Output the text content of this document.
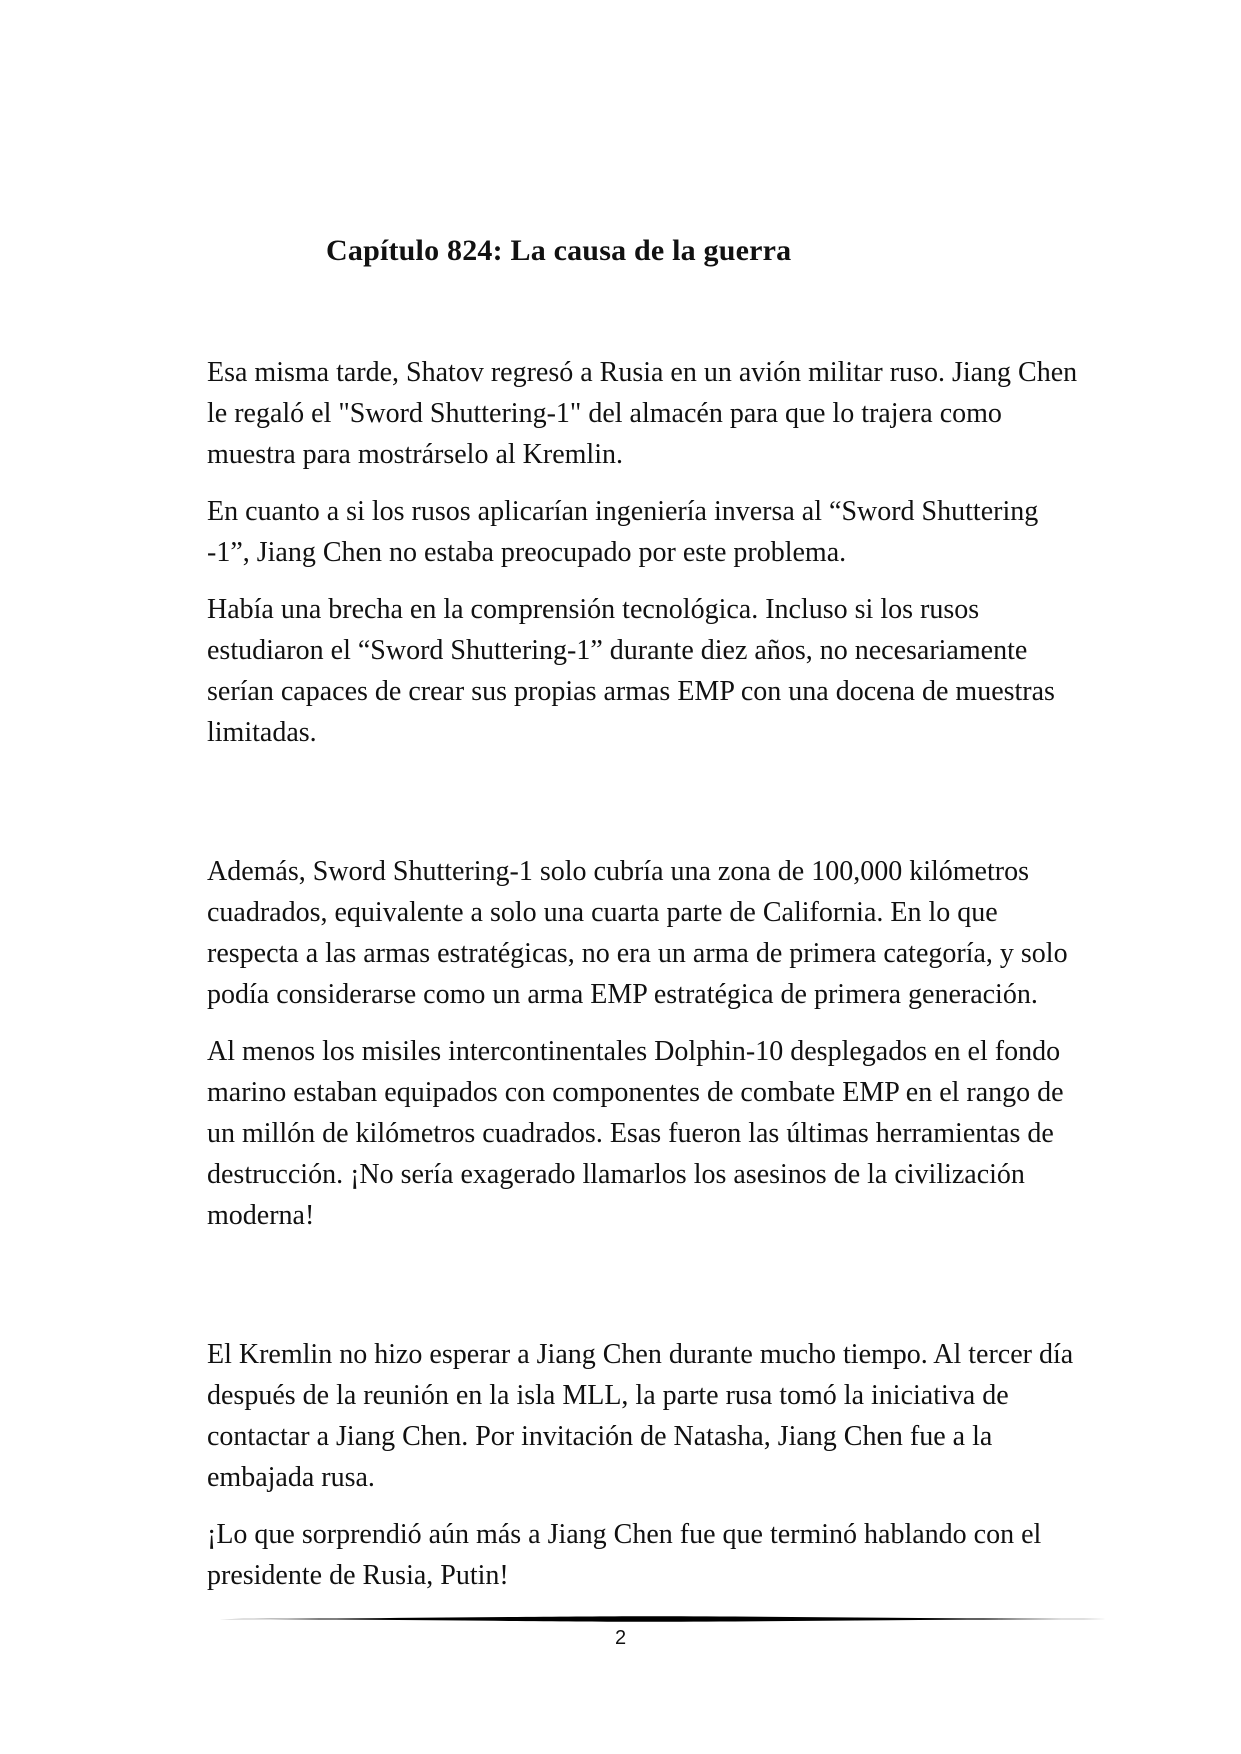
Capítulo 824: La causa de la guerra

Esa misma tarde, Shatov regresó a Rusia en un avión militar ruso. Jiang Chen le regaló el "Sword Shuttering-1" del almacén para que lo trajera como muestra para mostrárselo al Kremlin.

En cuanto a si los rusos aplicarían ingeniería inversa al “Sword Shuttering -1”, Jiang Chen no estaba preocupado por este problema.

Había una brecha en la comprensión tecnológica. Incluso si los rusos estudiaron el “Sword Shuttering-1” durante diez años, no necesariamente serían capaces de crear sus propias armas EMP con una docena de muestras limitadas.

Además, Sword Shuttering-1 solo cubría una zona de 100,000 kilómetros cuadrados, equivalente a solo una cuarta parte de California. En lo que respecta a las armas estratégicas, no era un arma de primera categoría, y solo podía considerarse como un arma EMP estratégica de primera generación.

Al menos los misiles intercontinentales Dolphin-10 desplegados en el fondo marino estaban equipados con componentes de combate EMP en el rango de un millón de kilómetros cuadrados. Esas fueron las últimas herramientas de destrucción. ¡No sería exagerado llamarlos los asesinos de la civilización moderna!

El Kremlin no hizo esperar a Jiang Chen durante mucho tiempo. Al tercer día después de la reunión en la isla MLL, la parte rusa tomó la iniciativa de contactar a Jiang Chen. Por invitación de Natasha, Jiang Chen fue a la embajada rusa.

¡Lo que sorprendió aún más a Jiang Chen fue que terminó hablando con el presidente de Rusia, Putin!

2
